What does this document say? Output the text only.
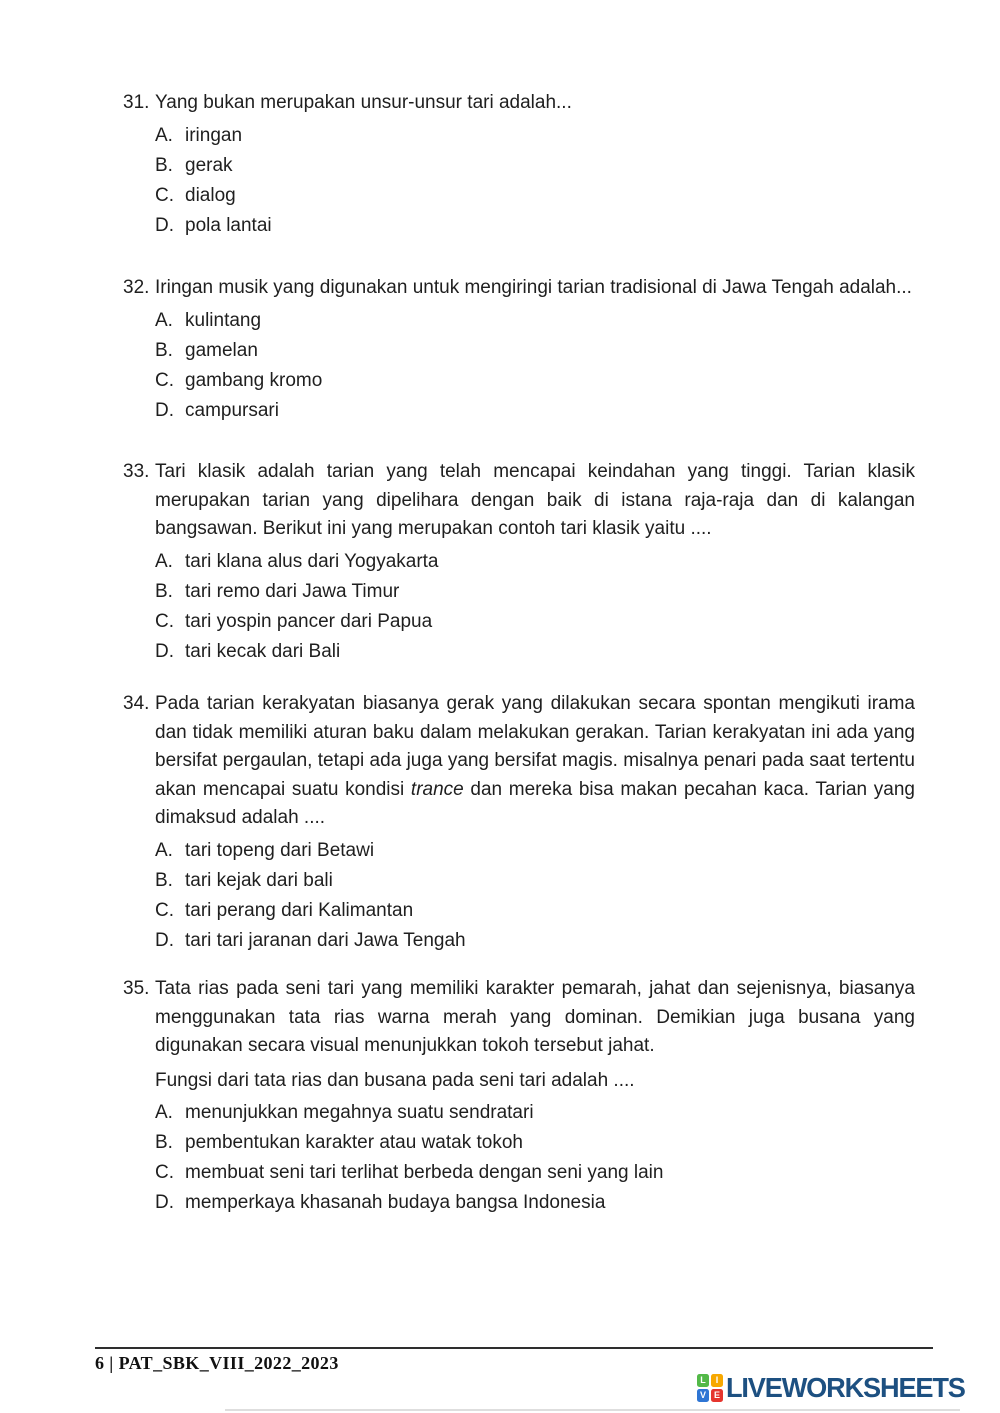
31. Yang bukan merupakan unsur-unsur tari adalah...

A. iringan
B. gerak
C. dialog
D. pola lantai
32. Iringan musik yang digunakan untuk mengiringi tarian tradisional di Jawa Tengah adalah...

A. kulintang
B. gamelan
C. gambang kromo
D. campursari
33. Tari klasik adalah tarian yang telah mencapai keindahan yang tinggi. Tarian klasik merupakan tarian yang dipelihara dengan baik di istana raja-raja dan di kalangan bangsawan. Berikut ini yang merupakan contoh tari klasik yaitu ....

A. tari klana alus dari Yogyakarta
B. tari remo dari Jawa Timur
C. tari yospin pancer dari Papua
D. tari kecak dari Bali
34. Pada tarian kerakyatan biasanya gerak yang dilakukan secara spontan mengikuti irama dan tidak memiliki aturan baku dalam melakukan gerakan. Tarian kerakyatan ini ada yang bersifat pergaulan, tetapi ada juga yang bersifat magis. misalnya penari pada saat tertentu akan mencapai suatu kondisi trance dan mereka bisa makan pecahan kaca. Tarian yang dimaksud adalah ....

A. tari topeng dari Betawi
B. tari kejak dari bali
C. tari perang dari Kalimantan
D. tari tari jaranan dari Jawa Tengah
35. Tata rias pada seni tari yang memiliki karakter pemarah, jahat dan sejenisnya, biasanya menggunakan tata rias warna merah yang dominan. Demikian juga busana yang digunakan secara visual menunjukkan tokoh tersebut jahat.

Fungsi dari tata rias dan busana pada seni tari adalah ....

A. menunjukkan megahnya suatu sendratari
B. pembentukan karakter atau watak tokoh
C. membuat seni tari terlihat berbeda dengan seni yang lain
D. memperkaya khasanah budaya bangsa Indonesia
6 | PAT_SBK_VIII_2022_2023
L	I
V E LIVEWORKSHEETS
